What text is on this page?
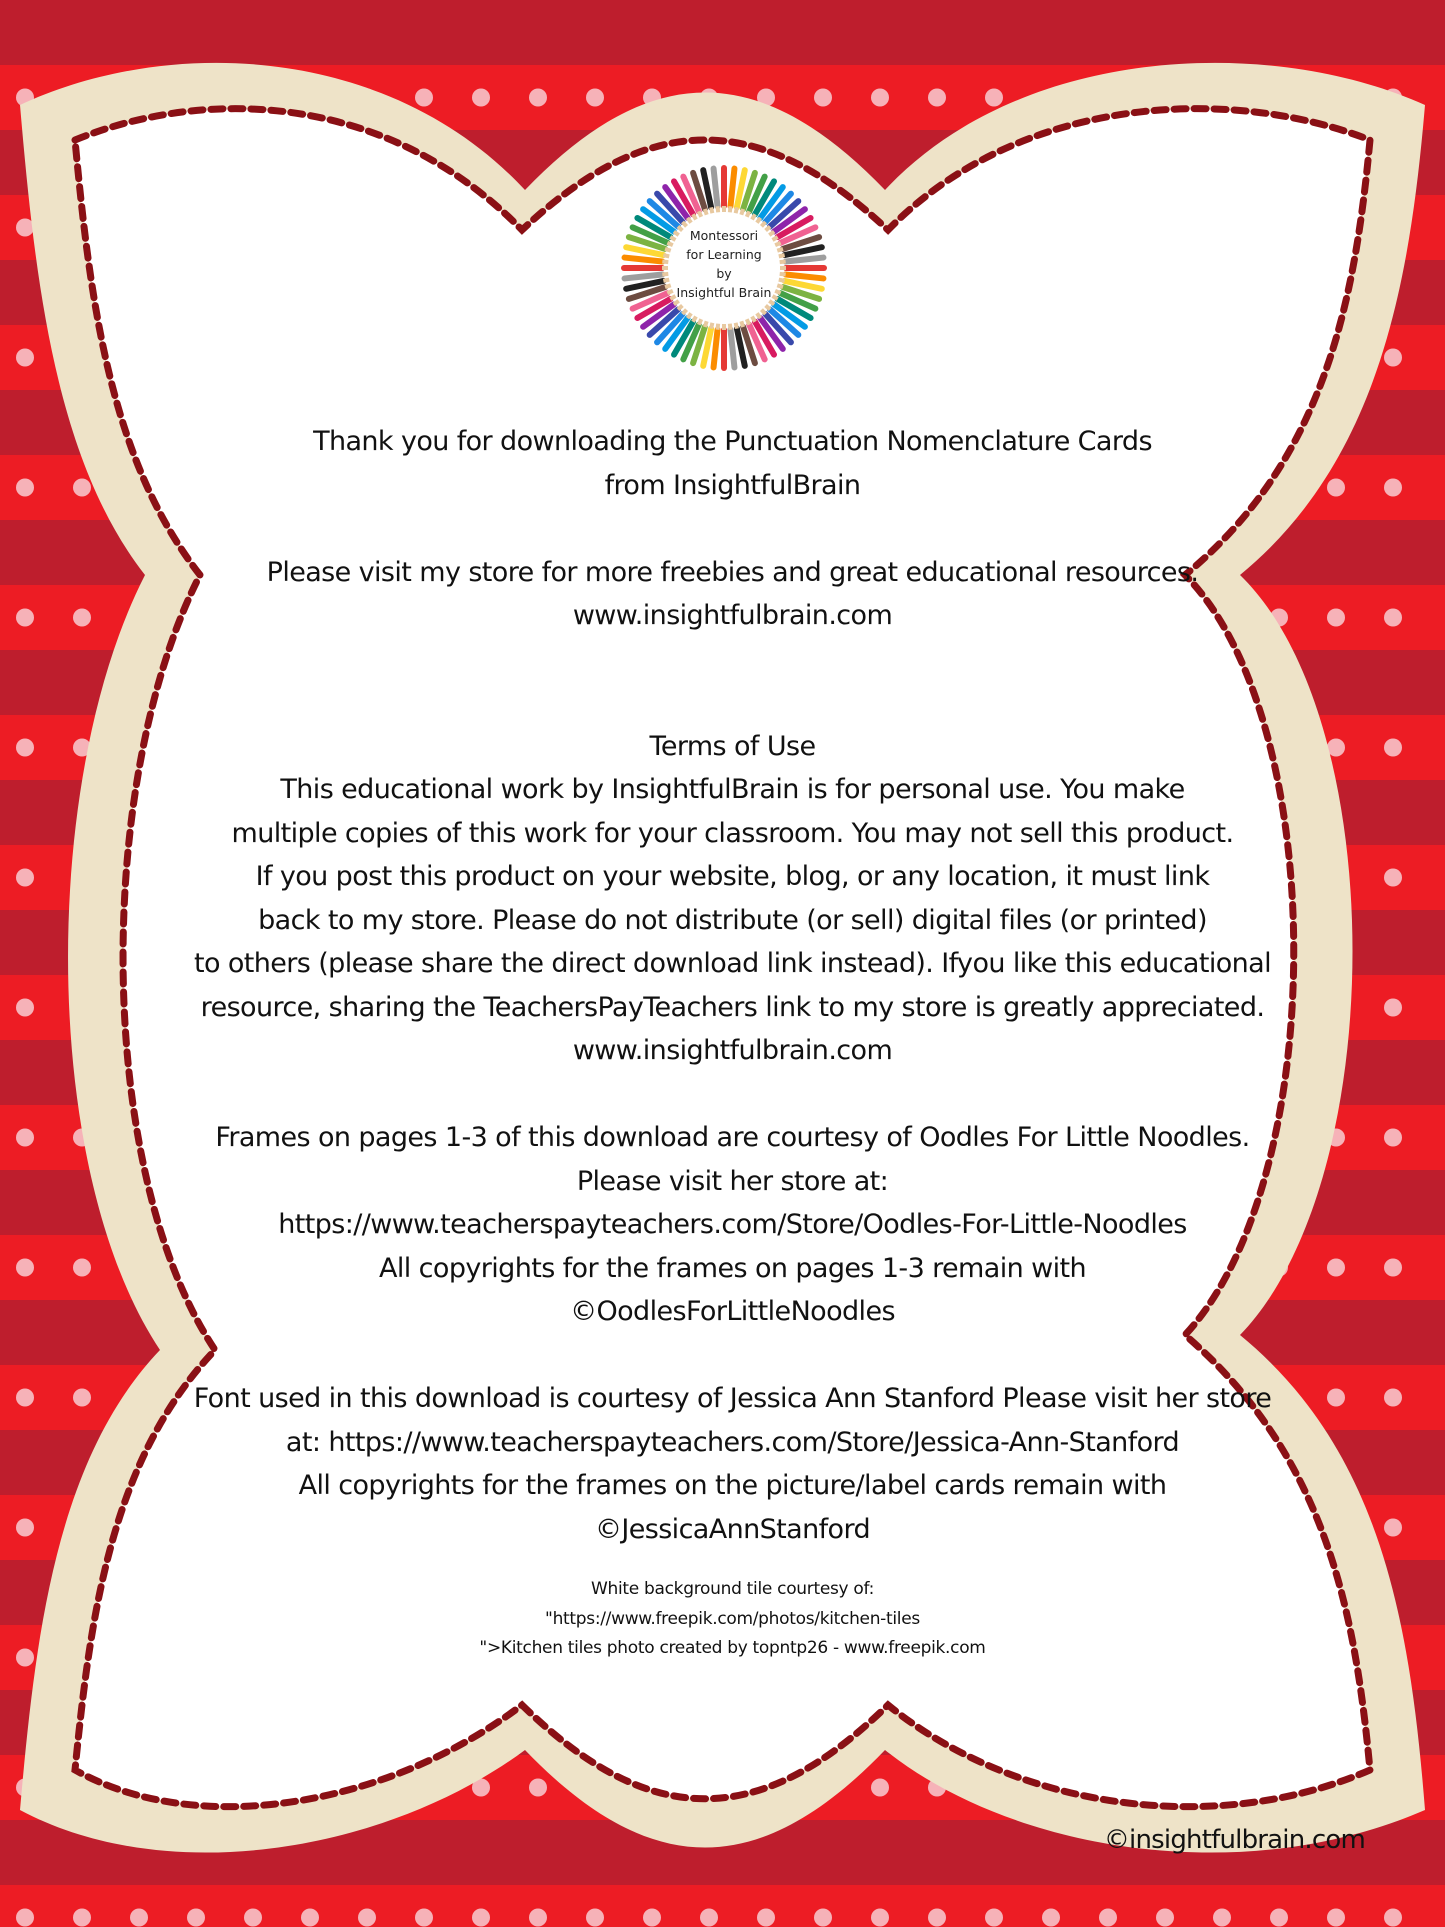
Montessori
for Learning
by
Insightful Brain

Thank you for downloading the Punctuation Nomenclature Cards

from InsightfulBrain

Please visit my store for more freebies and great educational resources.

www.insightfulbrain.com

Terms of Use

This educational work by InsightfulBrain is for personal use. You make

multiple copies of this work for your classroom. You may not sell this product.

If you post this product on your website, blog, or any location, it must link

back to my store. Please do not distribute (or sell) digital files (or printed)

to others (please share the direct download link instead). Ifyou like this educational

resource, sharing the TeachersPayTeachers link to my store is greatly appreciated.

www.insightfulbrain.com

Frames on pages 1-3 of this download are courtesy of Oodles For Little Noodles.

Please visit her store at:

https://www.teacherspayteachers.com/Store/Oodles-For-Little-Noodles

All copyrights for the frames on pages 1-3 remain with

©OodlesForLittleNoodles

Font used in this download is courtesy of Jessica Ann Stanford Please visit her store

at: https://www.teacherspayteachers.com/Store/Jessica-Ann-Stanford

All copyrights for the frames on the picture/label cards remain with

©JessicaAnnStanford

White background tile courtesy of:

"https://www.freepik.com/photos/kitchen-tiles

">Kitchen tiles photo created by topntp26 - www.freepik.com

©insightfulbrain.com
